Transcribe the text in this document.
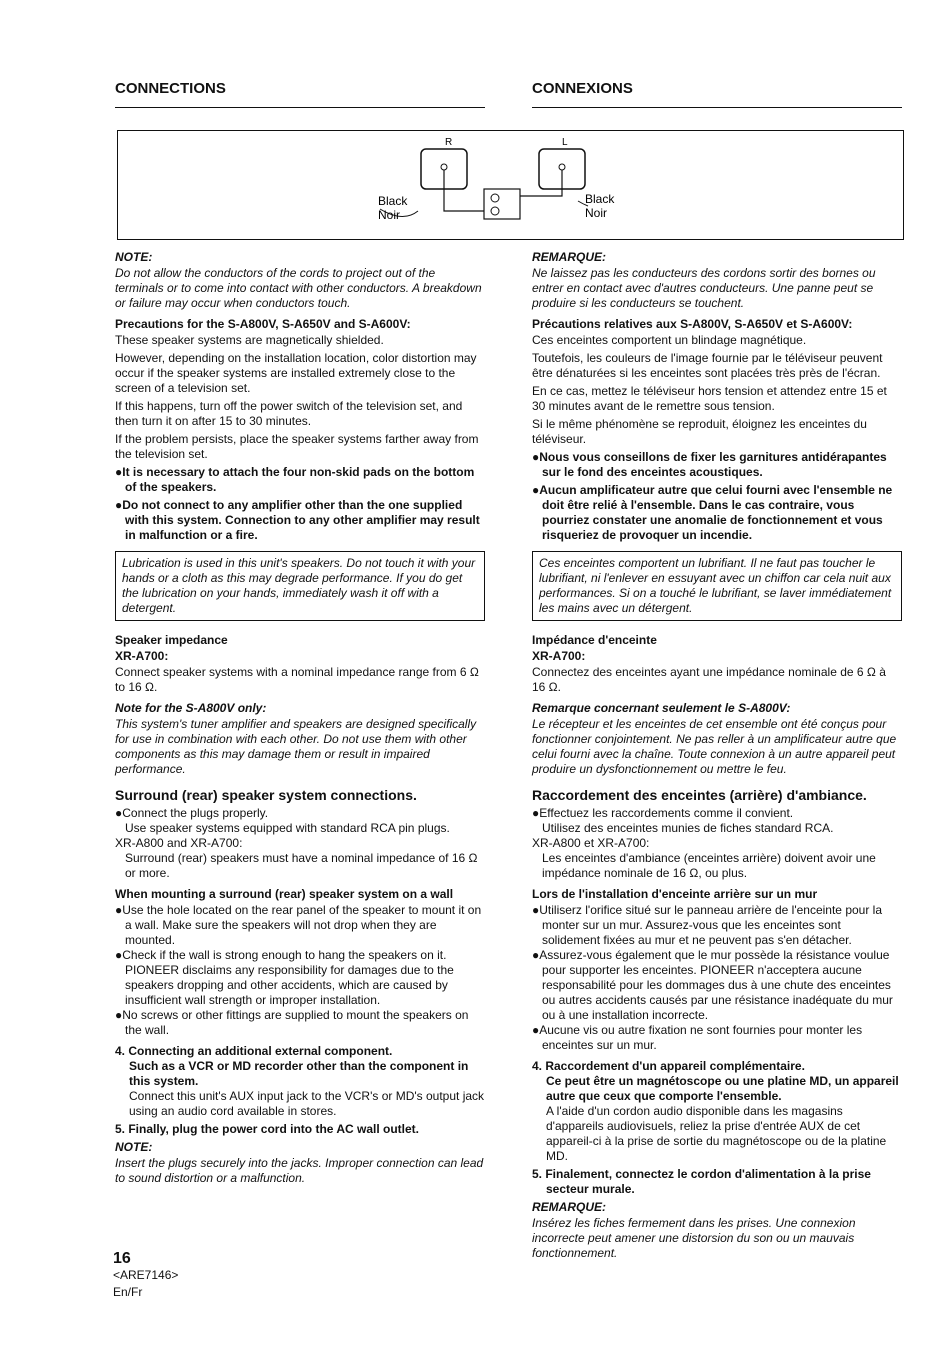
CONNECTIONS	CONNEXIONS
R	L
Black
Noir
Black
Noir
NOTE:

Do not allow the conductors of the cords to project out of the terminals or to come into contact with other conductors. A breakdown or failure may occur when conductors touch.

Precautions for the S-A800V, S-A650V and S-A600V:

These speaker systems are magnetically shielded.

However, depending on the installation location, color distortion may occur if the speaker systems are installed extremely close to the screen of a television set.

If this happens, turn off the power switch of the television set, and then turn it on after 15 to 30 minutes.

If the problem persists, place the speaker systems farther away from the television set.

●It is necessary to attach the four non-skid pads on the bottom of the speakers.

●Do not connect to any amplifier other than the one supplied with this system. Connection to any other amplifier may result in malfunction or a fire.

Lubrication is used in this unit's speakers. Do not touch it with your hands or a cloth as this may degrade performance. If you do get the lubrication on your hands, immediately wash it off with a detergent.

Speaker impedance
XR-A700:

Connect speaker systems with a nominal impedance range from 6 Ω to 16 Ω.

Note for the S-A800V only:

This system's tuner amplifier and speakers are designed specifically for use in combination with each other. Do not use them with other components as this may damage them or result in impaired performance.

Surround (rear) speaker system connections.

●Connect the plugs properly.

Use speaker systems equipped with standard RCA pin plugs.

XR-A800 and XR-A700:

Surround (rear) speakers must have a nominal impedance of 16 Ω or more.

When mounting a surround (rear) speaker system on a wall

●Use the hole located on the rear panel of the speaker to mount it on a wall. Make sure the speakers will not drop when they are mounted.

●Check if the wall is strong enough to hang the speakers on it. PIONEER disclaims any responsibility for damages due to the speakers dropping and other accidents, which are caused by insufficient wall strength or improper installation.

●No screws or other fittings are supplied to mount the speakers on the wall.

4. Connecting an additional external component.

Such as a VCR or MD recorder other than the component in this system.

Connect this unit's AUX input jack to the VCR's or MD's output jack using an audio cord available in stores.

5. Finally, plug the power cord into the AC wall outlet.

NOTE:

Insert the plugs securely into the jacks. Improper connection can lead to sound distortion or a malfunction.

REMARQUE:

Ne laissez pas les conducteurs des cordons sortir des bornes ou entrer en contact avec d'autres conducteurs. Une panne peut se produire si les conducteurs se touchent.

Précautions relatives aux S-A800V, S-A650V et S-A600V:

Ces enceintes comportent un blindage magnétique.

Toutefois, les couleurs de l'image fournie par le téléviseur peuvent être dénaturées si les enceintes sont placées très près de l'écran.

En ce cas, mettez le téléviseur hors tension et attendez entre 15 et 30 minutes avant de le remettre sous tension.

Si le même phénomène se reproduit, éloignez les enceintes du téléviseur.

●Nous vous conseillons de fixer les garnitures antidérapantes sur le fond des enceintes acoustiques.

●Aucun amplificateur autre que celui fourni avec l'ensemble ne doit être relié à l'ensemble. Dans le cas contraire, vous pourriez constater une anomalie de fonctionnement et vous risqueriez de provoquer un incendie.

Ces enceintes comportent un lubrifiant. Il ne faut pas toucher le lubrifiant, ni l'enlever en essuyant avec un chiffon car cela nuit aux performances. Si on a touché le lubrifiant, se laver immédiatement les mains avec un détergent.

Impédance d'enceinte
XR-A700:

Connectez des enceintes ayant une impédance nominale de 6 Ω à 16 Ω.

Remarque concernant seulement le S-A800V:

Le récepteur et les enceintes de cet ensemble ont été conçus pour fonctionner conjointement. Ne pas reller à un amplificateur autre que celui fourni avec la chaîne. Toute connexion à un autre appareil peut produire un dysfonctionnement ou mettre le feu.

Raccordement des enceintes (arrière) d'ambiance.

●Effectuez les raccordements comme il convient.

Utilisez des enceintes munies de fiches standard RCA.

XR-A800 et XR-A700:

Les enceintes d'ambiance (enceintes arrière) doivent avoir une impédance nominale de 16 Ω, ou plus.

Lors de l'installation d'enceinte arrière sur un mur

●Utiliserz l'orifice situé sur le panneau arrière de l'enceinte pour la monter sur un mur. Assurez-vous que les enceintes sont solidement fixées au mur et ne peuvent pas s'en détacher.

●Assurez-vous également que le mur possède la résistance voulue pour supporter les enceintes. PIONEER n'acceptera aucune responsabilité pour les dommages dus à une chute des enceintes ou autres accidents causés par une résistance inadéquate du mur ou à une installation incorrecte.

●Aucune vis ou autre fixation ne sont fournies pour monter les enceintes sur un mur.

4. Raccordement d'un appareil complémentaire.

Ce peut être un magnétoscope ou une platine MD, un appareil autre que ceux que comporte l'ensemble.

A l'aide d'un cordon audio disponible dans les magasins d'appareils audiovisuels, reliez la prise d'entrée AUX de cet appareil-ci à la prise de sortie du magnétoscope ou de la platine MD.

5. Finalement, connectez le cordon d'alimentation à la prise secteur murale.

REMARQUE:

Insérez les fiches fermement dans les prises. Une connexion incorrecte peut amener une distorsion du son ou un mauvais fonctionnement.

16
<ARE7146>
En/Fr
